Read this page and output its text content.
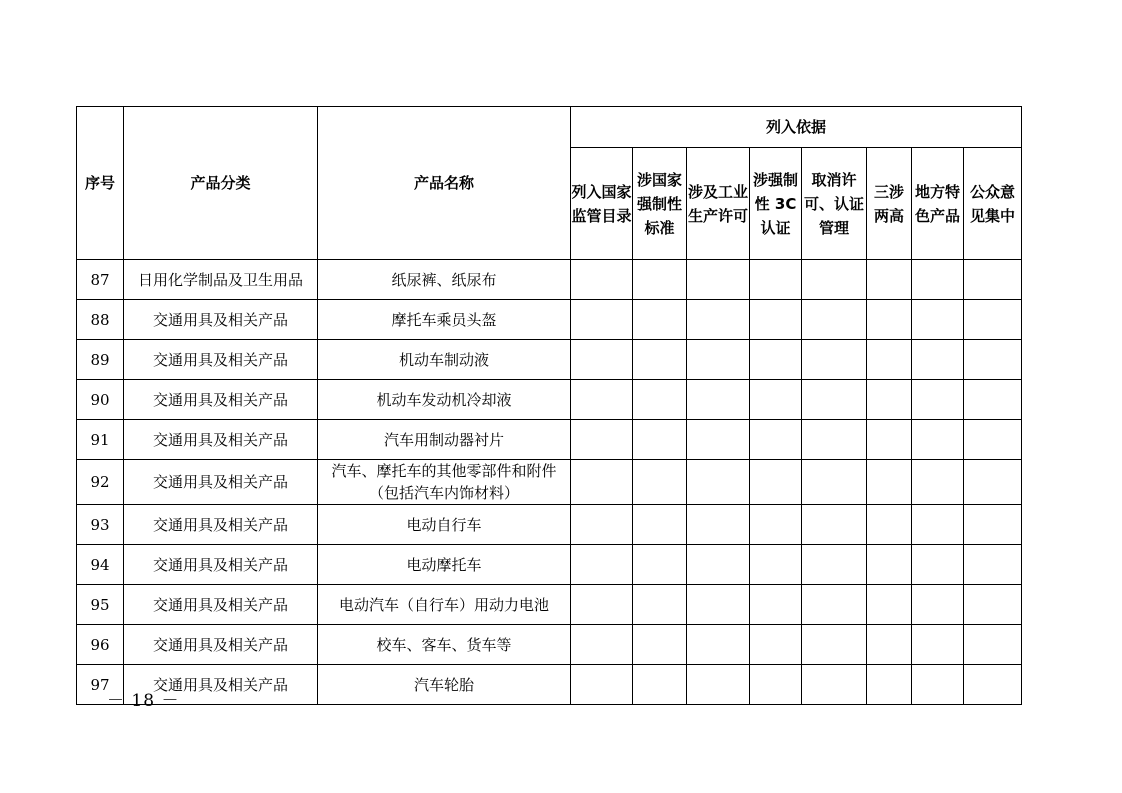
序号	产品分类	产品名称	列入依据							
			列入国家监管目录	涉国家强制性标准	涉及工业生产许可	涉强制性 3C 认证	取消许可、认证管理	三涉两高	地方特色产品	公众意见集中
87	日用化学制品及卫生用品	纸尿裤、纸尿布								
88	交通用具及相关产品	摩托车乘员头盔								
89	交通用具及相关产品	机动车制动液								
90	交通用具及相关产品	机动车发动机冷却液								
91	交通用具及相关产品	汽车用制动器衬片								
92	交通用具及相关产品	汽车、摩托车的其他零部件和附件（包括汽车内饰材料）								
93	交通用具及相关产品	电动自行车								
94	交通用具及相关产品	电动摩托车								
95	交通用具及相关产品	电动汽车（自行车）用动力电池								
96	交通用具及相关产品	校车、客车、货车等								
97	交通用具及相关产品	汽车轮胎								
－ 18 －
